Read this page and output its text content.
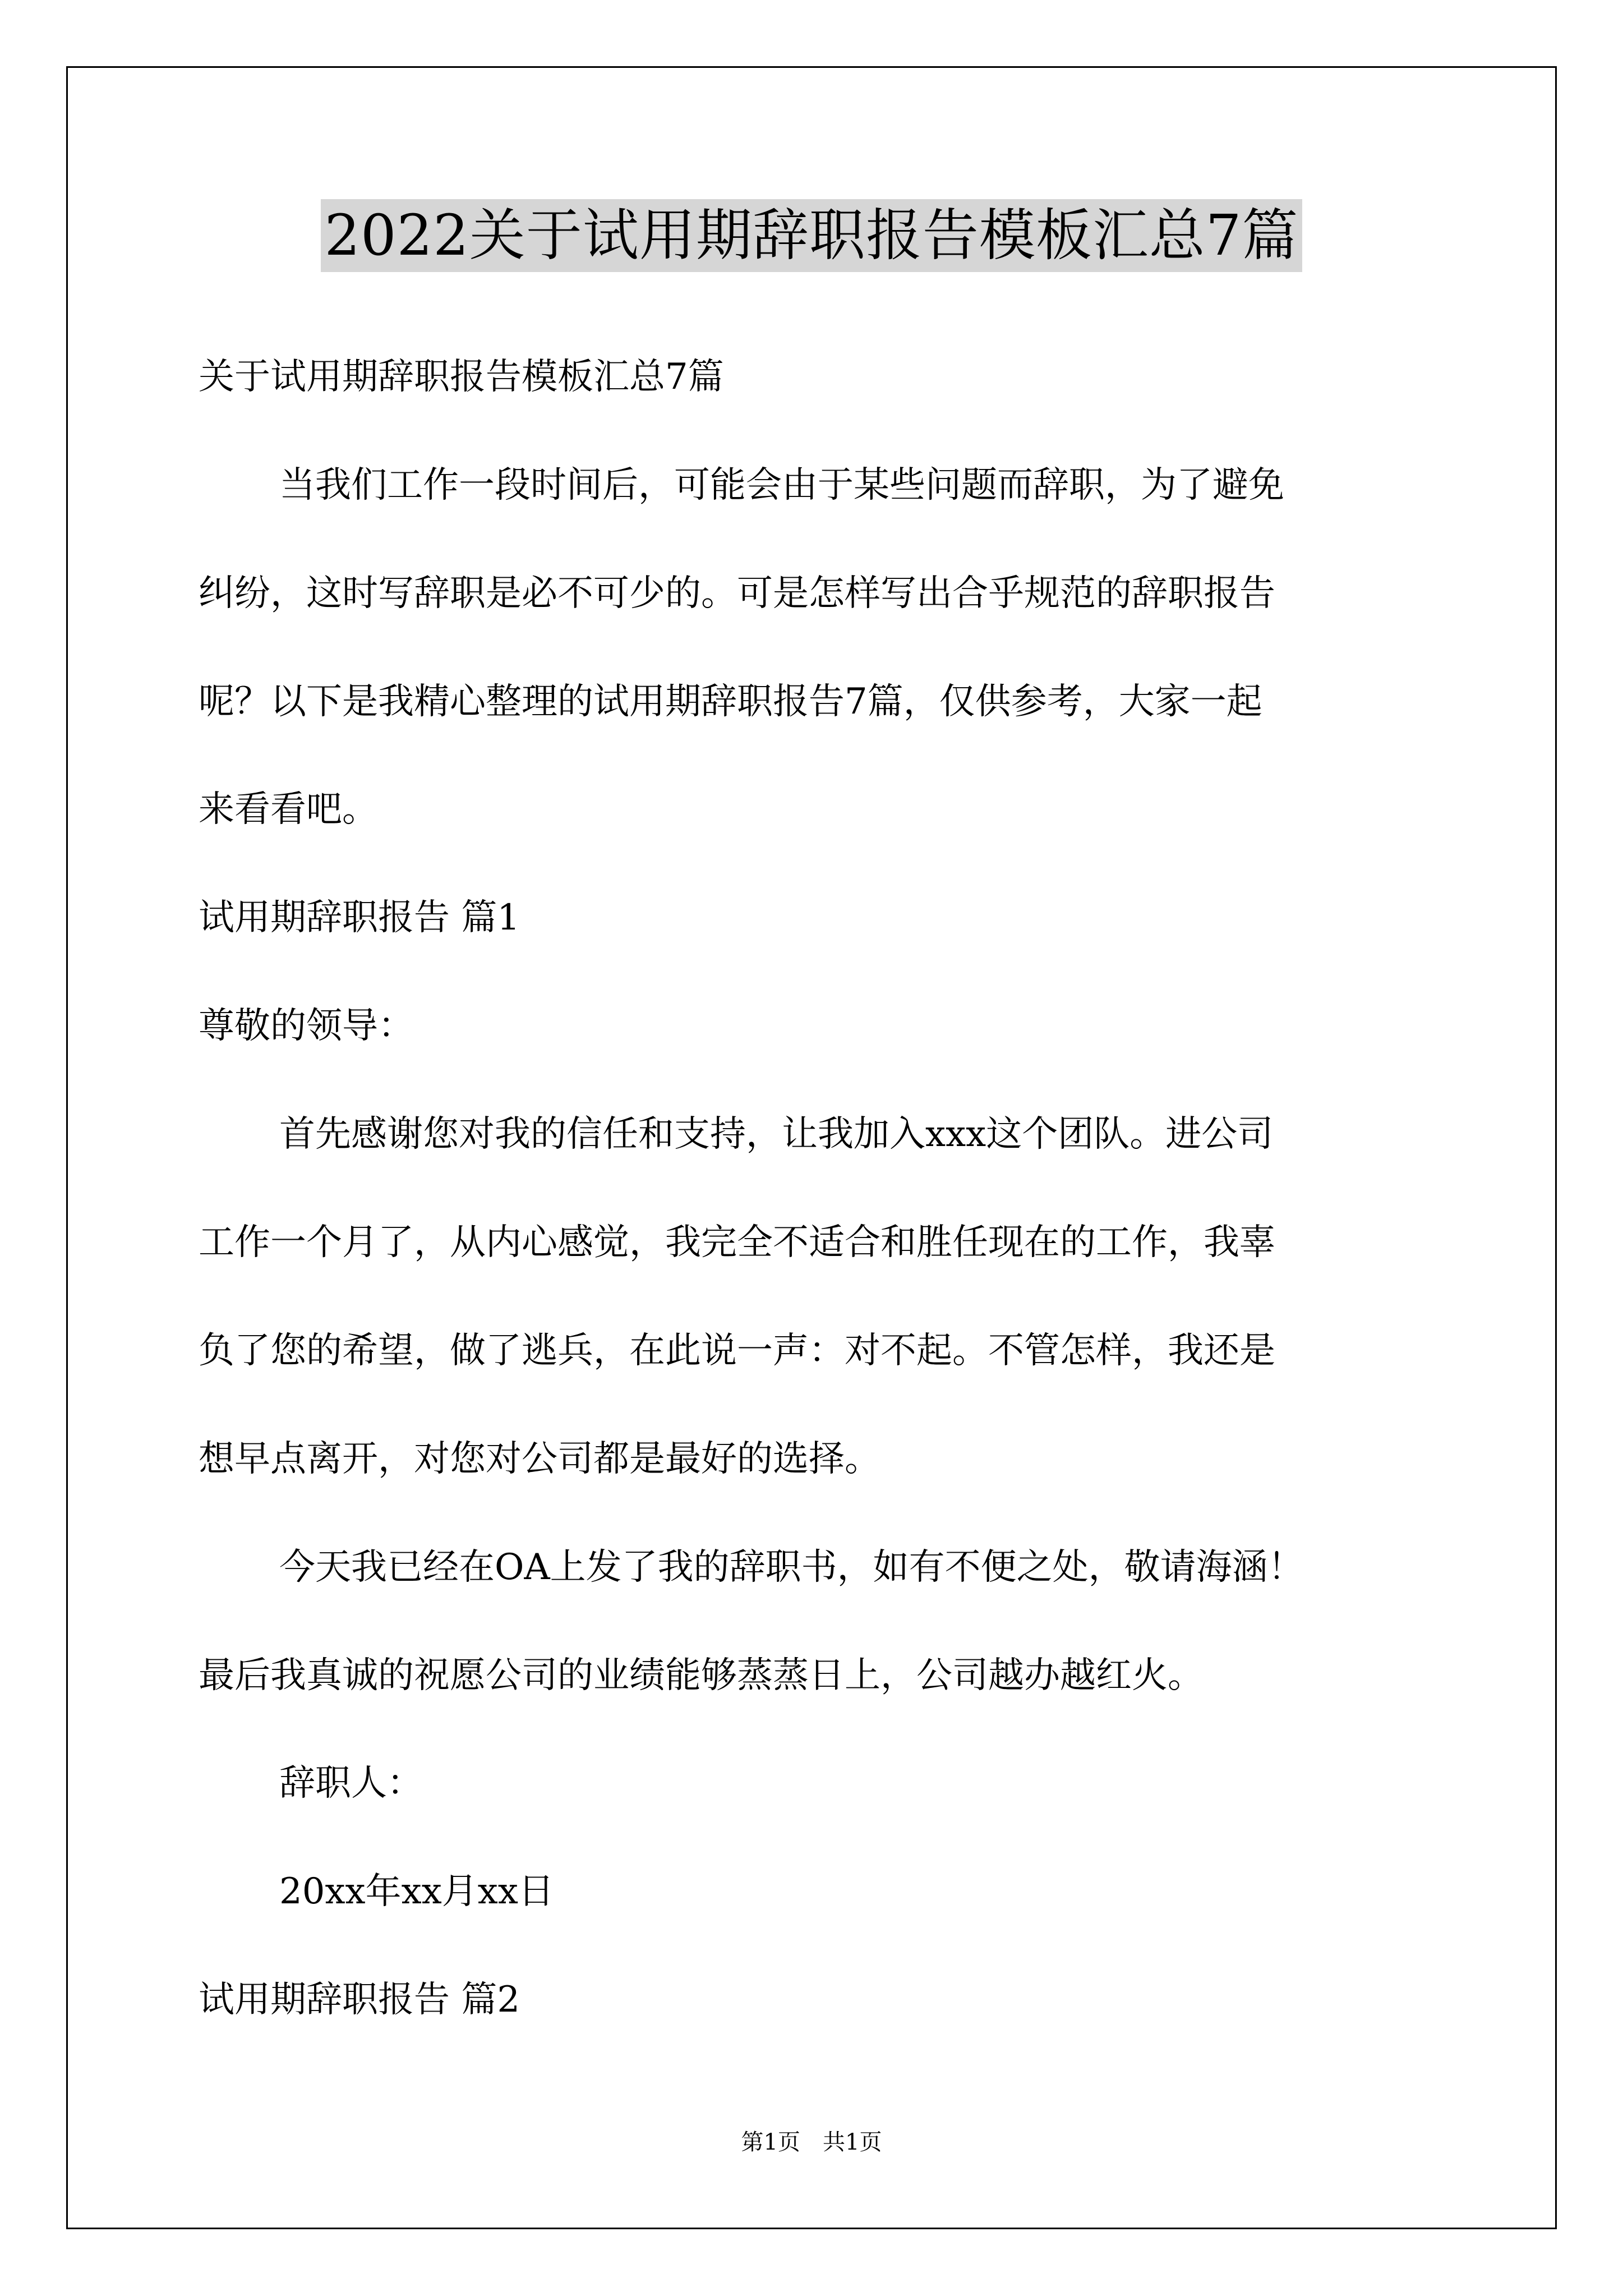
2022关于试用期辞职报告模板汇总7篇
关于试用期辞职报告模板汇总7篇
当我们工作一段时间后，可能会由于某些问题而辞职，为了避免
纠纷，这时写辞职是必不可少的。可是怎样写出合乎规范的辞职报告
呢？以下是我精心整理的试用期辞职报告7篇，仅供参考，大家一起
来看看吧。
试用期辞职报告 篇1
尊敬的领导：
首先感谢您对我的信任和支持，让我加入xxx这个团队。进公司
工作一个月了，从内心感觉，我完全不适合和胜任现在的工作，我辜
负了您的希望，做了逃兵，在此说一声：对不起。不管怎样，我还是
想早点离开，对您对公司都是最好的选择。
今天我已经在OA上发了我的辞职书，如有不便之处，敬请海涵！
最后我真诚的祝愿公司的业绩能够蒸蒸日上，公司越办越红火。
辞职人：
20xx年xx月xx日
试用期辞职报告 篇2
第1页　共1页
